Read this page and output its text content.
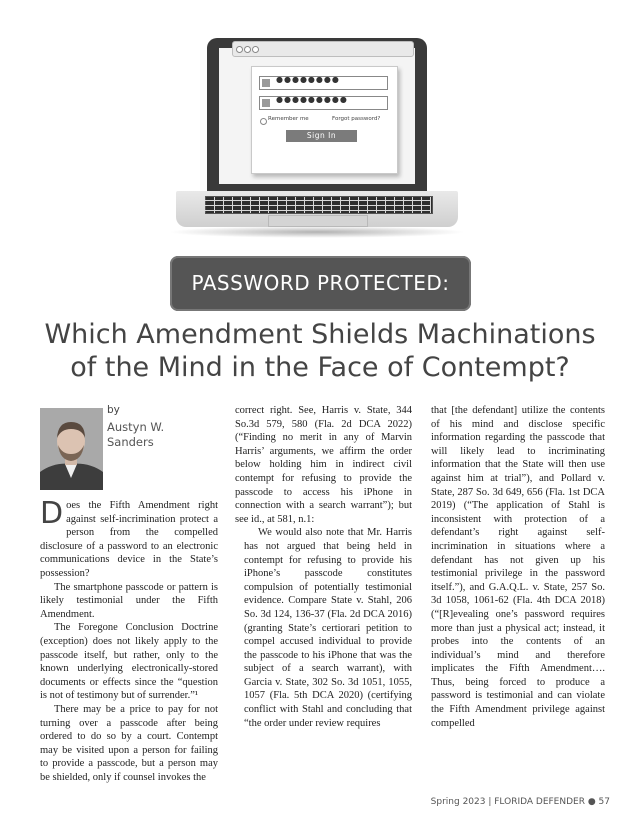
●●●●●●●●
●●●●●●●●●
Remember me	Forgot password?
Sign In
PASSWORD PROTECTED:
Which Amendment Shields Machinations
of the Mind in the Face of Contempt?
by
Austyn W.
Sanders

Does the Fifth Amendment right against self-incrimination protect a person from the compelled disclosure of a password to an electronic communications device in the State’s possession?

The smartphone passcode or pattern is likely testimonial under the Fifth Amendment.

The Foregone Conclusion Doctrine (exception) does not likely apply to the passcode itself, but rather, only to the known underlying electronically-stored documents or effects since the “question is not of testimony but of surrender.”¹

There may be a price to pay for not turning over a passcode after being ordered to do so by a court. Contempt may be visited upon a person for failing to provide a passcode, but a person may be shielded, only if counsel invokes the

correct right. See, Harris v. State, 344 So.3d 579, 580 (Fla. 2d DCA 2022) (“Finding no merit in any of Marvin Harris’ arguments, we affirm the order below holding him in indirect civil contempt for refusing to provide the passcode to access his iPhone in connection with a search warrant”); but see id., at 581, n.1:

We would also note that Mr. Harris has not argued that being held in contempt for refusing to provide his iPhone’s passcode constitutes compulsion of potentially testimonial evidence. Compare State v. Stahl, 206 So. 3d 124, 136-37 (Fla. 2d DCA 2016) (granting State’s certiorari petition to compel accused individual to provide the passcode to his iPhone that was the subject of a search warrant), with Garcia v. State, 302 So. 3d 1051, 1055, 1057 (Fla. 5th DCA 2020) (certifying conflict with Stahl and concluding that “the order under review requires

that [the defendant] utilize the contents of his mind and disclose specific information regarding the passcode that will likely lead to incriminating information that the State will then use against him at trial”), and Pollard v. State, 287 So. 3d 649, 656 (Fla. 1st DCA 2019) (“The application of Stahl is inconsistent with protection of a defendant’s right against self-incrimination in situations where a defendant has not given up his testimonial privilege in the password itself.”), and G.A.Q.L. v. State, 257 So. 3d 1058, 1061-62 (Fla. 4th DCA 2018) (“[R]evealing one’s password requires more than just a physical act; instead, it probes into the contents of an individual’s mind and therefore implicates the Fifth Amendment…. Thus, being forced to produce a password is testimonial and can violate the Fifth Amendment privilege against compelled

Spring 2023 | FLORIDA DEFENDER ● 57
